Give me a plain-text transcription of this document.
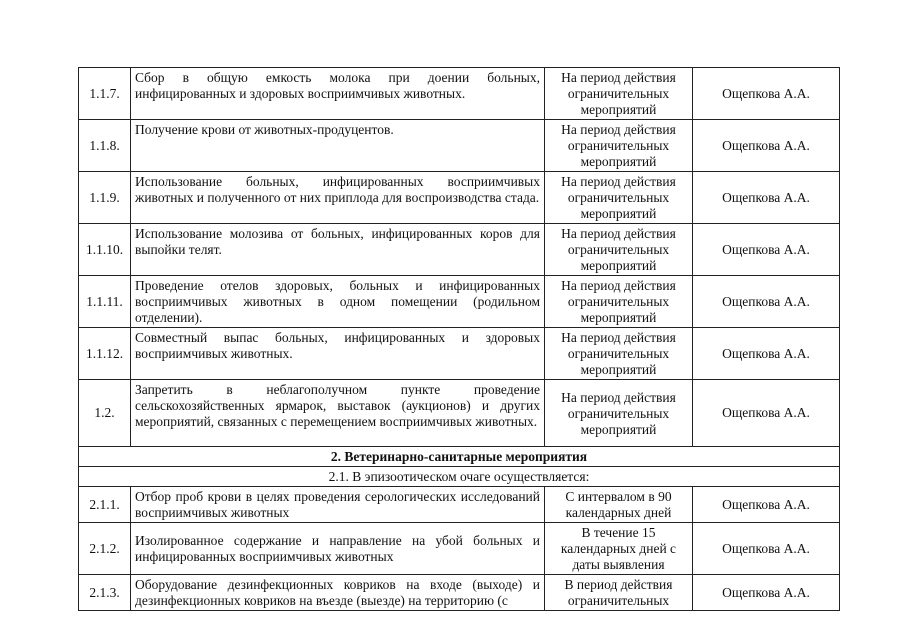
1.1.7.	Сбор в общую емкость молока при доении больных, инфицированных и здоровых восприимчивых животных.	На период действия ограничительных мероприятий	Ощепкова А.А.
1.1.8.	Получение крови от животных-продуцентов.	На период действия ограничительных мероприятий	Ощепкова А.А.
1.1.9.	Использование больных, инфицированных восприимчивых животных и полученного от них приплода для воспроизводства стада.	На период действия ограничительных мероприятий	Ощепкова А.А.
1.1.10.	Использование молозива от больных, инфицированных коров для выпойки телят.	На период действия ограничительных мероприятий	Ощепкова А.А.
1.1.11.	Проведение отелов здоровых, больных и инфицированных восприимчивых животных в одном помещении (родильном отделении).	На период действия ограничительных мероприятий	Ощепкова А.А.
1.1.12.	Совместный выпас больных, инфицированных и здоровых восприимчивых животных.	На период действия ограничительных мероприятий	Ощепкова А.А.
1.2.	Запретить в неблагополучном пункте проведение сельскохозяйственных ярмарок, выставок (аукционов) и других мероприятий, связанных с перемещением восприимчивых животных.	На период действия ограничительных мероприятий	Ощепкова А.А.
2. Ветеринарно-санитарные мероприятия			
2.1. В эпизоотическом очаге осуществляется:			
2.1.1.	Отбор проб крови в целях проведения серологических исследований восприимчивых животных	С интервалом в 90 календарных дней	Ощепкова А.А.
2.1.2.	Изолированное содержание и направление на убой больных и инфицированных восприимчивых животных	В течение 15 календарных дней с даты выявления	Ощепкова А.А.
2.1.3.	Оборудование дезинфекционных ковриков на входе (выходе) и дезинфекционных ковриков на въезде (выезде) на территорию (с	В период действия ограничительных	Ощепкова А.А.
